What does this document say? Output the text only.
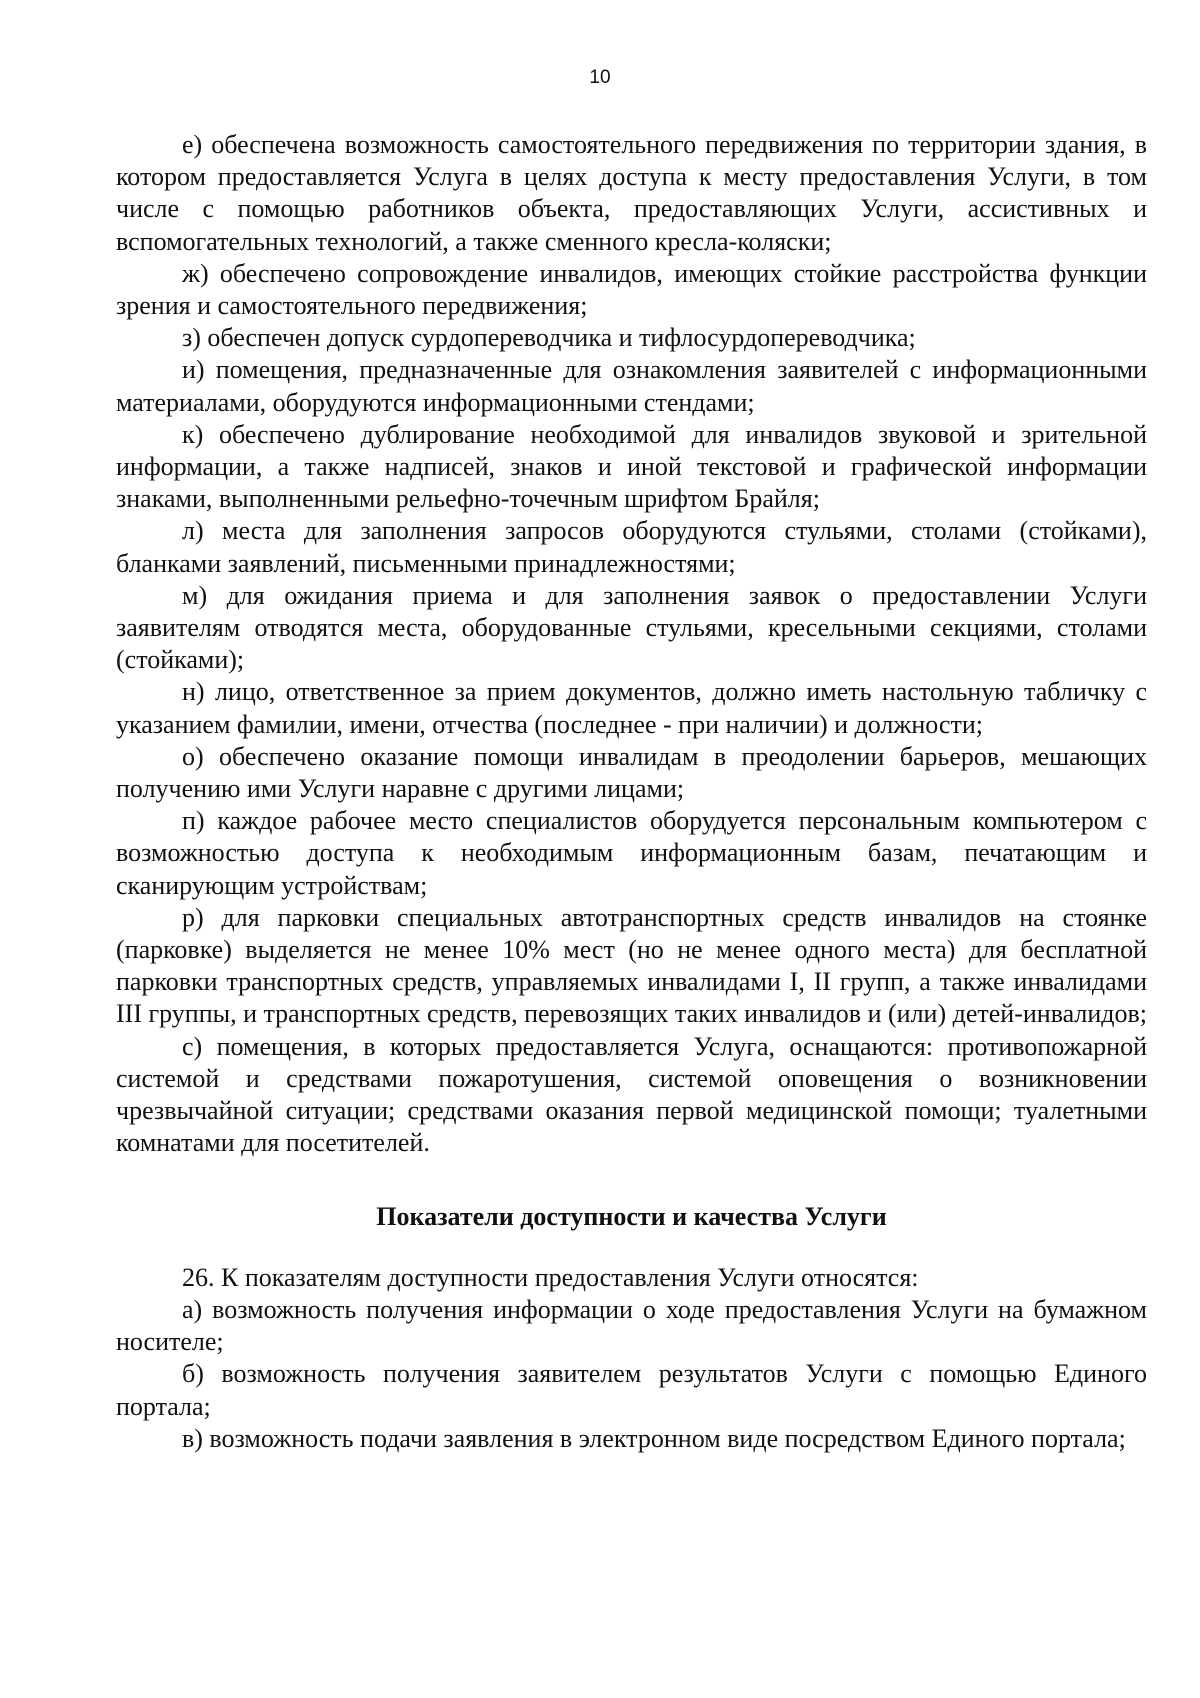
10

е) обеспечена возможность самостоятельного передвижения по территории здания, в котором предоставляется Услуга в целях доступа к месту предоставления Услуги, в том числе с помощью работников объекта, предоставляющих Услуги, ассистивных и вспомогательных технологий, а также сменного кресла-коляски;

ж) обеспечено сопровождение инвалидов, имеющих стойкие расстройства функции зрения и самостоятельного передвижения;

з) обеспечен допуск сурдопереводчика и тифлосурдопереводчика;

и) помещения, предназначенные для ознакомления заявителей с информационными материалами, оборудуются информационными стендами;

к) обеспечено дублирование необходимой для инвалидов звуковой и зрительной информации, а также надписей, знаков и иной текстовой и графической информации знаками, выполненными рельефно-точечным шрифтом Брайля;

л) места для заполнения запросов оборудуются стульями, столами (стойками), бланками заявлений, письменными принадлежностями;

м) для ожидания приема и для заполнения заявок о предоставлении Услуги заявителям отводятся места, оборудованные стульями, кресельными секциями, столами (стойками);

н) лицо, ответственное за прием документов, должно иметь настольную табличку с указанием фамилии, имени, отчества (последнее - при наличии) и должности;

о) обеспечено оказание помощи инвалидам в преодолении барьеров, мешающих получению ими Услуги наравне с другими лицами;

п) каждое рабочее место специалистов оборудуется персональным компьютером с возможностью доступа к необходимым информационным базам, печатающим и сканирующим устройствам;

р) для парковки специальных автотранспортных средств инвалидов на стоянке (парковке) выделяется не менее 10% мест (но не менее одного места) для бесплатной парковки транспортных средств, управляемых инвалидами I, II групп, а также инвалидами III группы, и транспортных средств, перевозящих таких инвалидов и (или) детей-инвалидов;

с) помещения, в которых предоставляется Услуга, оснащаются: противопожарной системой и средствами пожаротушения, системой оповещения о возникновении чрезвычайной ситуации; средствами оказания первой медицинской помощи; туалетными комнатами для посетителей.

Показатели доступности и качества Услуги

26. К показателям доступности предоставления Услуги относятся:

а) возможность получения информации о ходе предоставления Услуги на бумажном носителе;

б) возможность получения заявителем результатов Услуги с помощью Единого портала;

в) возможность подачи заявления в электронном виде посредством Единого портала;
